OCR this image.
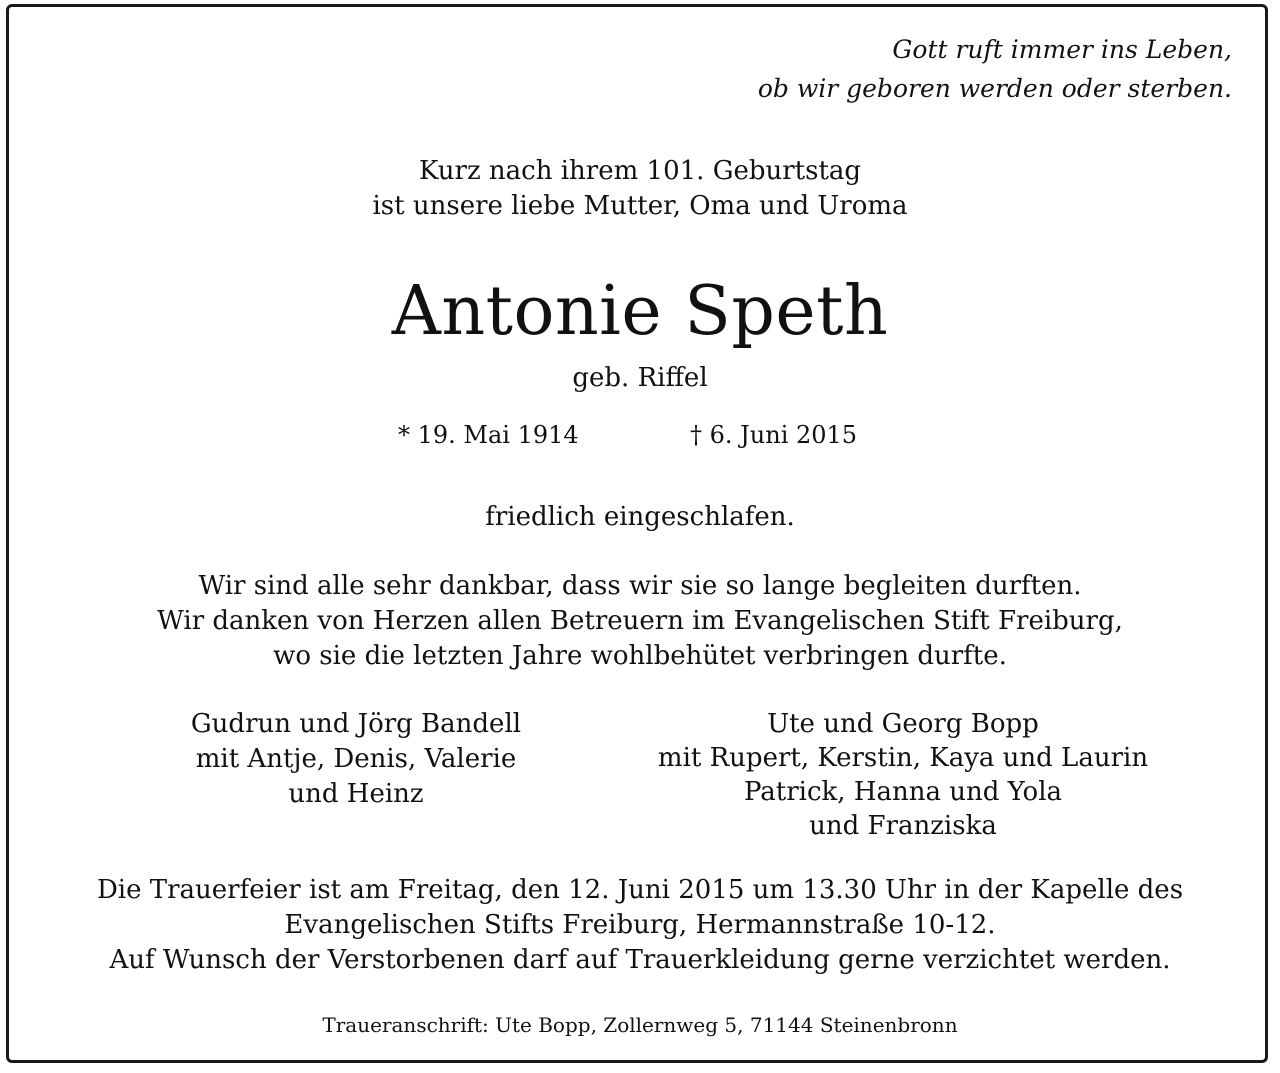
Gott ruft immer ins Leben,
ob wir geboren werden oder sterben.
Kurz nach ihrem 101. Geburtstag
ist unsere liebe Mutter, Oma und Uroma
Antonie Speth
geb. Riffel
* 19. Mai 1914	† 6. Juni 2015
friedlich eingeschlafen.
Wir sind alle sehr dankbar, dass wir sie so lange begleiten durften.
Wir danken von Herzen allen Betreuern im Evangelischen Stift Freiburg,
wo sie die letzten Jahre wohlbehütet verbringen durfte.
Gudrun und Jörg Bandell
mit Antje, Denis, Valerie
und Heinz
Ute und Georg Bopp
mit Rupert, Kerstin, Kaya und Laurin
Patrick, Hanna und Yola
und Franziska
Die Trauerfeier ist am Freitag, den 12. Juni 2015 um 13.30 Uhr in der Kapelle des
Evangelischen Stifts Freiburg, Hermannstraße 10-12.
Auf Wunsch der Verstorbenen darf auf Trauerkleidung gerne verzichtet werden.
Traueranschrift: Ute Bopp, Zollernweg 5, 71144 Steinenbronn
